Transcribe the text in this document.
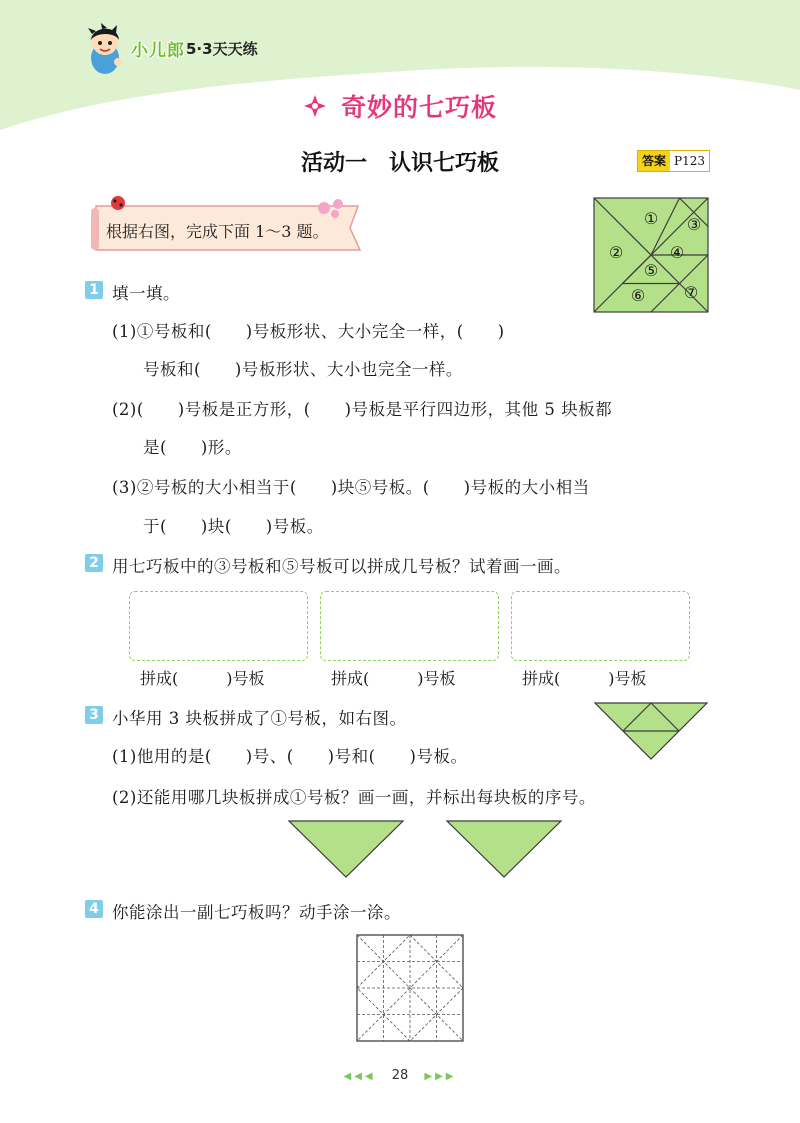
小儿郎 5·3天天练
奇妙的七巧板
活动一　认识七巧板	答案 P123
根据右图，完成下面 1～3 题。
①
②
③
④
⑤
⑥ ⑦
1 填一填。
(1)①号板和(　　)号板形状、大小完全一样，(　　)
号板和(　　)号板形状、大小也完全一样。
(2)(　　)号板是正方形，(　　)号板是平行四边形，其他 5 块板都
是(　　)形。
(3)②号板的大小相当于(　　)块⑤号板。(　　)号板的大小相当
于(　　)块(　　)号板。
2 用七巧板中的③号板和⑤号板可以拼成几号板？试着画一画。
拼成(　　　)号板	拼成(　　　)号板	拼成(　　　)号板
3 小华用 3 块板拼成了①号板，如右图。
(1)他用的是(　　)号、(　　)号和(　　)号板。
(2)还能用哪几块板拼成①号板？画一画，并标出每块板的序号。
4 你能涂出一副七巧板吗？动手涂一涂。
◀◀◀ 28 ▶▶▶
